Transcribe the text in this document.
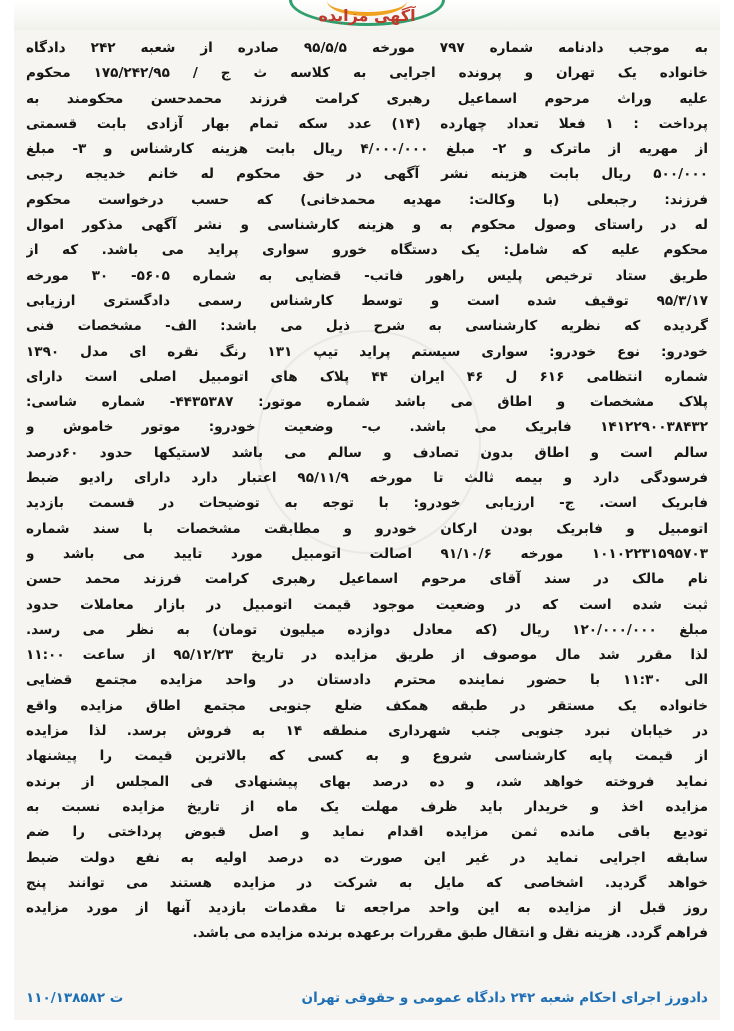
آگهی مزایده
به موجب دادنامه شماره ۷۹۷ مورخه ۹۵/۵/۵ صادره از شعبه ۲۴۲ دادگاه
خانواده یک تهران و پرونده اجرایی به کلاسه ث ج / ۱۷۵/۲۴۲/۹۵ محکوم
علیه وراث مرحوم اسماعیل رهبری کرامت فرزند محمدحسن محکومند به
پرداخت : ۱ فعلا تعداد چهارده (۱۴) عدد سکه تمام بهار آزادی بابت قسمتی
از مهریه از ماترک و ۲- مبلغ ۴/۰۰۰/۰۰۰ ریال بابت هزینه کارشناس و ۳- مبلغ
۵۰۰/۰۰۰ ریال بابت هزینه نشر آگهی در حق محکوم له خانم خدیجه رجبی
فرزند: رجبعلی (با وکالت: مهدیه محمدخانی) که حسب درخواست محکوم
له در راستای وصول محکوم به و هزینه کارشناسی و نشر آگهی مذکور اموال
محکوم علیه که شامل: یک دستگاه خورو سواری پراید می باشد. که از
طریق ستاد ترخیص پلیس راهور فاتب- قضایی به شماره ۵۶۰۵- ۳۰ مورخه
۹۵/۳/۱۷ توقیف شده است و توسط کارشناس رسمی دادگستری ارزیابی
گردیده که نظریه کارشناسی به شرح ذیل می باشد: الف- مشخصات فنی
خودرو: نوع خودرو: سواری سیستم پراید تیپ ۱۳۱ رنگ نقره ای مدل ۱۳۹۰
شماره انتظامی ۶۱۶ ل ۴۶ ایران ۴۴ پلاک های اتومبیل اصلی است دارای
پلاک مشخصات و اطاق می باشد شماره موتور: ۴۴۳۵۳۸۷- شماره شاسی:
۱۴۱۲۲۹۰۰۳۸۴۳۲ فابریک می باشد. ب- وضعیت خودرو: موتور خاموش و
سالم است و اطاق بدون تصادف و سالم می باشد لاستیکها حدود ۶۰درصد
فرسودگی دارد و بیمه ثالث تا مورخه ۹۵/۱۱/۹ اعتبار دارد دارای رادیو ضبط
فابریک است. ج- ارزیابی خودرو: با توجه به توضیحات در قسمت بازدید
اتومبیل و فابریک بودن ارکان خودرو و مطابقت مشخصات با سند شماره
۱۰۱۰۲۲۳۱۵۹۵۷۰۳ مورخه ۹۱/۱۰/۶ اصالت اتومبیل مورد تایید می باشد و
نام مالک در سند آقای مرحوم اسماعیل رهبری کرامت فرزند محمد حسن
ثبت شده است که در وضعیت موجود قیمت اتومبیل در بازار معاملات حدود
مبلغ ۱۲۰/۰۰۰/۰۰۰ ریال (که معادل دوازده میلیون تومان) به نظر می رسد.
لذا مقرر شد مال موصوف از طریق مزایده در تاریخ ۹۵/۱۲/۲۳ از ساعت ۱۱:۰۰
الی ۱۱:۳۰ با حضور نماینده محترم دادستان در واحد مزایده مجتمع قضایی
خانواده یک مستقر در طبقه همکف ضلع جنوبی مجتمع اطاق مزایده واقع
در خیابان نبرد جنوبی جنب شهرداری منطقه ۱۴ به فروش برسد. لذا مزایده
از قیمت پایه کارشناسی شروع و به کسی که بالاترین قیمت را پیشنهاد
نماید فروخته خواهد شد، و ده درصد بهای پیشنهادی فی المجلس از برنده
مزایده اخذ و خریدار باید ظرف مهلت یک ماه از تاریخ مزایده نسبت به
تودیع باقی مانده ثمن مزایده اقدام نماید و اصل قبوض پرداختی را ضم
سابقه اجرایی نماید در غیر این صورت ده درصد اولیه به نفع دولت ضبط
خواهد گردید. اشخاصی که مایل به شرکت در مزایده هستند می توانند پنج
روز قبل از مزایده به این واحد مراجعه تا مقدمات بازدید آنها از مورد مزایده
فراهم گردد. هزینه نقل و انتقال طبق مقررات برعهده برنده مزایده می باشد.
دادورز اجرای احکام شعبه ۲۴۲ دادگاه عمومی و حقوقی تهران
۱۱۰/۱۳۸۵۸۲ ت
